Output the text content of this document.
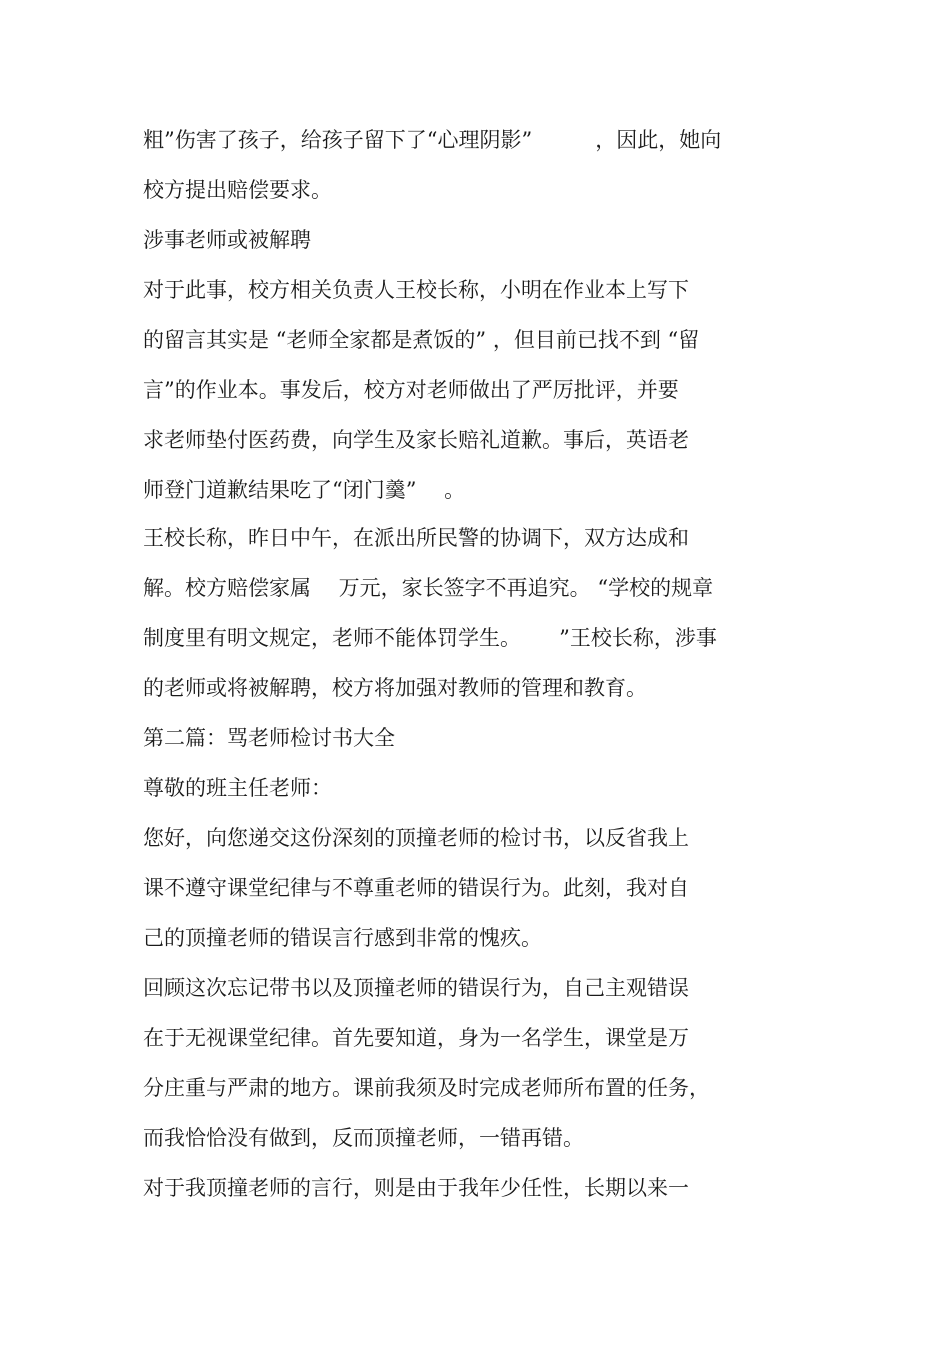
粗”伤害了孩子，给孩子留下了“心理阴影”　　　，因此，她向

校方提出赔偿要求。

涉事老师或被解聘

对于此事，校方相关负责人王校长称，小明在作业本上写下

的留言其实是 “老师全家都是煮饭的” ，但目前已找不到 “留

言”的作业本。事发后，校方对老师做出了严厉批评，并要

求老师垫付医药费，向学生及家长赔礼道歉。事后，英语老

师登门道歉结果吃了“闭门羹”　 。

王校长称，昨日中午，在派出所民警的协调下，双方达成和

解。校方赔偿家属　 万元，家长签字不再追究。 “学校的规章

制度里有明文规定，老师不能体罚学生。　　 ”王校长称，涉事

的老师或将被解聘，校方将加强对教师的管理和教育。

第二篇：骂老师检讨书大全

尊敬的班主任老师：

您好，向您递交这份深刻的顶撞老师的检讨书，以反省我上

课不遵守课堂纪律与不尊重老师的错误行为。此刻，我对自

己的顶撞老师的错误言行感到非常的愧疚。

回顾这次忘记带书以及顶撞老师的错误行为，自己主观错误

在于无视课堂纪律。首先要知道，身为一名学生，课堂是万

分庄重与严肃的地方。课前我须及时完成老师所布置的任务，

而我恰恰没有做到，反而顶撞老师，一错再错。

对于我顶撞老师的言行，则是由于我年少任性，长期以来一
